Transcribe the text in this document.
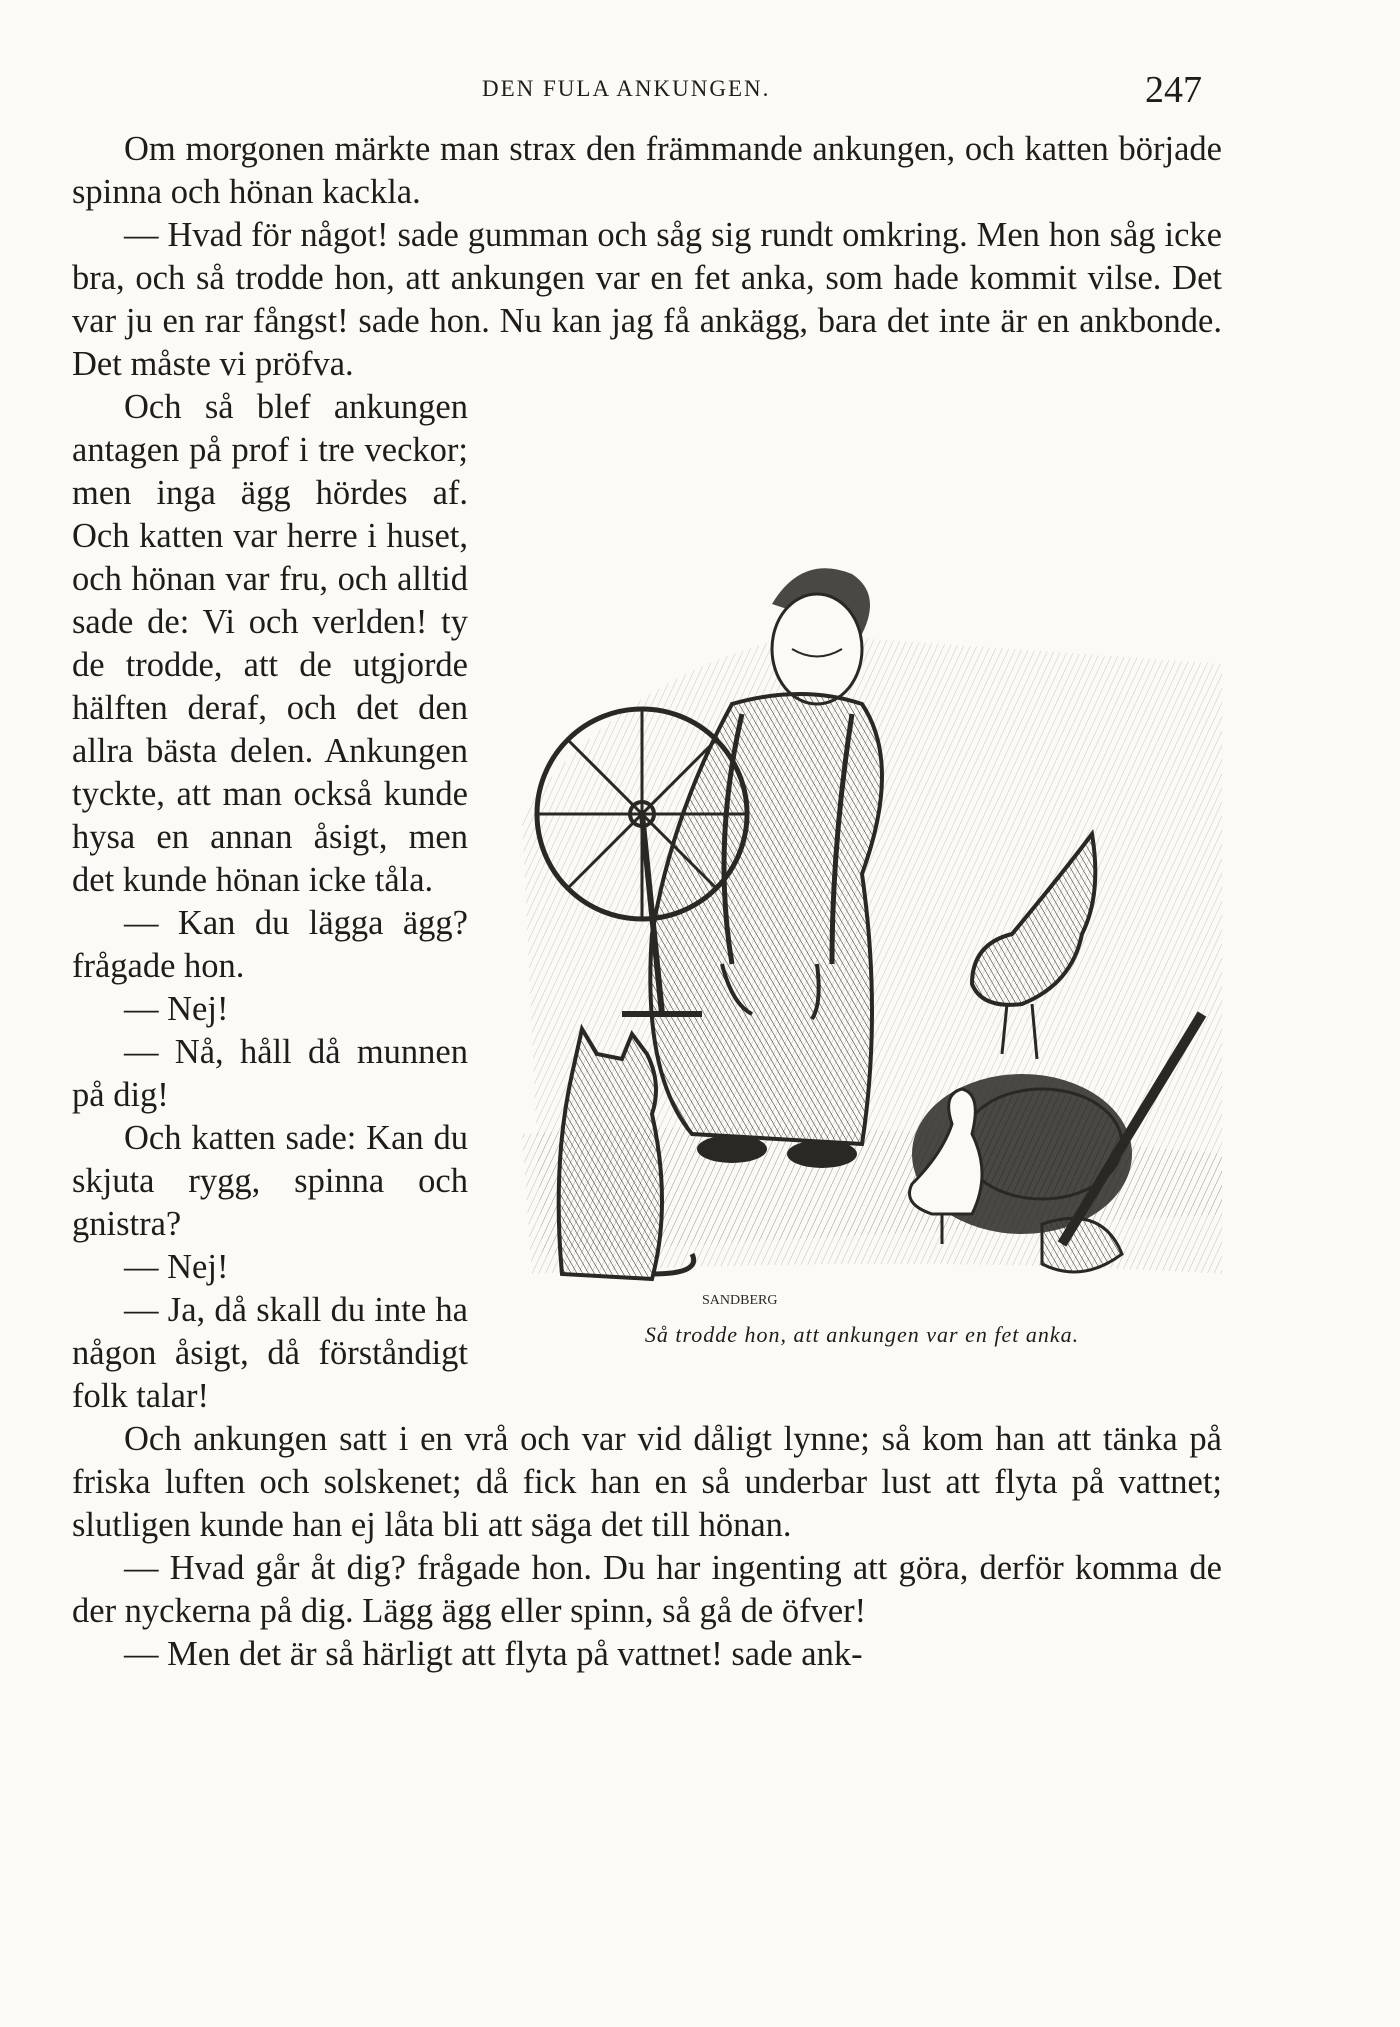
DEN FULA ANKUNGEN.	247

Om morgonen märkte man strax den främmande ankungen, och katten började spinna och hönan kackla.

— Hvad för något! sade gumman och såg sig rundt omkring. Men hon såg icke bra, och så trodde hon, att ankungen var en fet anka, som hade kommit vilse. Det var ju en rar fångst! sade hon. Nu kan jag få ankägg, bara det inte är en ankbonde. Det måste vi pröfva.

SANDBERG
Så trodde hon, att ankungen var en fet anka.

Och så blef ankungen antagen på prof i tre veckor; men inga ägg hördes af. Och katten var herre i huset, och hönan var fru, och alltid sade de: Vi och verlden! ty de trodde, att de utgjorde hälften deraf, och det den allra bästa delen. Ankungen tyckte, att man också kunde hysa en annan åsigt, men det kunde hönan icke tåla.

— Kan du lägga ägg? frågade hon.

— Nej!

— Nå, håll då munnen på dig!

Och katten sade: Kan du skjuta rygg, spinna och gnistra?

— Nej!

— Ja, då skall du inte ha någon åsigt, då förståndigt folk talar!

Och ankungen satt i en vrå och var vid dåligt lynne; så kom han att tänka på friska luften och solskenet; då fick han en så underbar lust att flyta på vattnet; slutligen kunde han ej låta bli att säga det till hönan.

— Hvad går åt dig? frågade hon. Du har ingenting att göra, derför komma de der nyckerna på dig. Lägg ägg eller spinn, så gå de öfver!

— Men det är så härligt att flyta på vattnet! sade ank-
